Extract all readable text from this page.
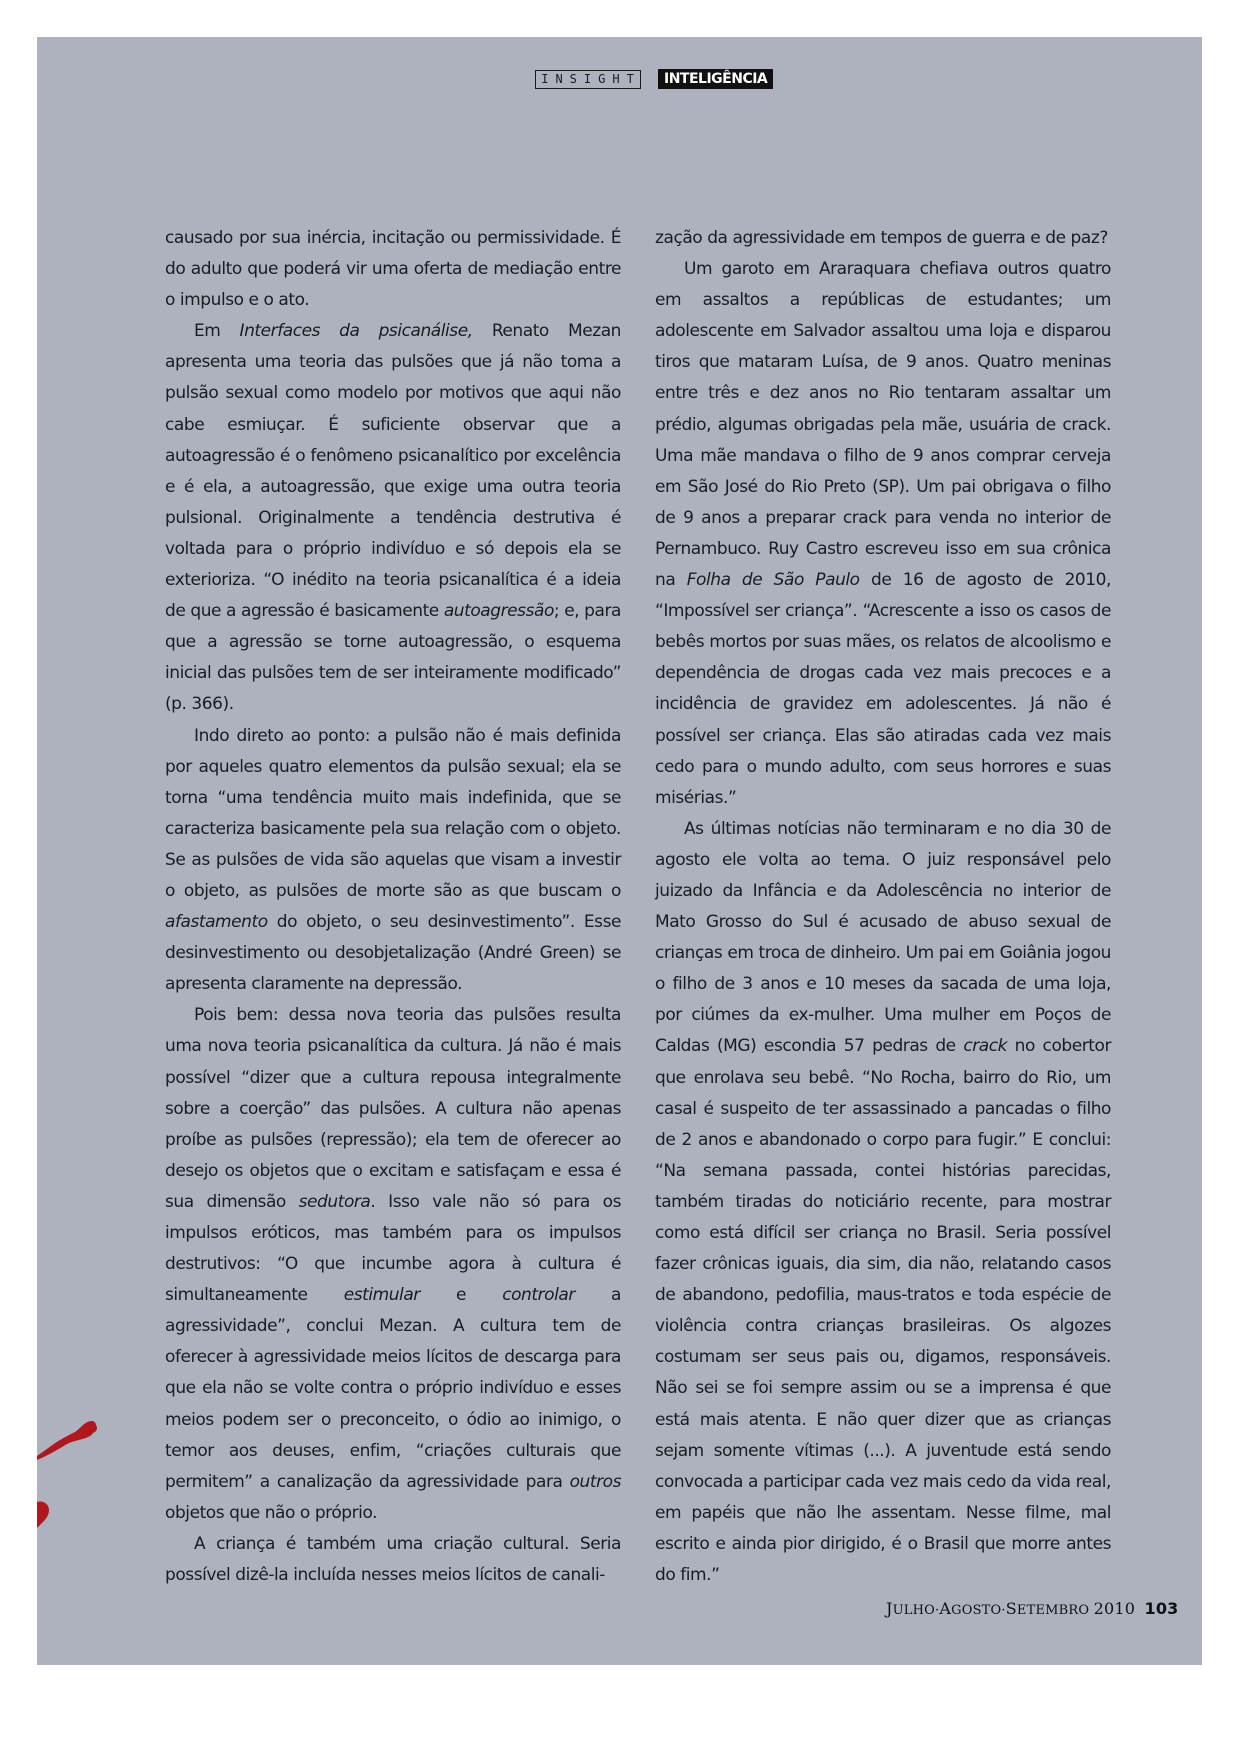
INSIGHT	INTELIGÊNCIA

causado por sua inércia, incitação ou permissividade. É do adulto que poderá vir uma oferta de mediação entre o impulso e o ato.

Em Interfaces da psicanálise, Renato Mezan apresenta uma teoria das pulsões que já não toma a pulsão sexual como modelo por motivos que aqui não cabe esmiuçar. É suficiente observar que a autoagressão é o fenômeno psicanalítico por excelência e é ela, a autoagressão, que exige uma outra teoria pulsional. Originalmente a tendência destrutiva é voltada para o próprio indivíduo e só depois ela se exterioriza. “O inédito na teoria psicanalítica é a ideia de que a agressão é basicamente autoagressão; e, para que a agressão se torne autoagressão, o esquema inicial das pulsões tem de ser inteiramente modificado” (p. 366).

Indo direto ao ponto: a pulsão não é mais definida por aqueles quatro elementos da pulsão sexual; ela se torna “uma tendência muito mais indefinida, que se caracteriza basicamente pela sua relação com o objeto. Se as pulsões de vida são aquelas que visam a investir o objeto, as pulsões de morte são as que buscam o afastamento do objeto, o seu desinvestimento”. Esse desinvestimento ou desobjetalização (André Green) se apresenta claramente na depressão.

Pois bem: dessa nova teoria das pulsões resulta uma nova teoria psicanalítica da cultura. Já não é mais possível “dizer que a cultura repousa integralmente sobre a coerção” das pulsões. A cultura não apenas proíbe as pulsões (repressão); ela tem de oferecer ao desejo os objetos que o excitam e satisfaçam e essa é sua dimensão sedutora. Isso vale não só para os impulsos eróticos, mas também para os impulsos destrutivos: “O que incumbe agora à cultura é simultaneamente estimular e controlar a agressividade”, conclui Mezan. A cultura tem de oferecer à agressividade meios lícitos de descarga para que ela não se volte contra o próprio indivíduo e esses meios podem ser o preconceito, o ódio ao inimigo, o temor aos deuses, enfim, “criações culturais que permitem” a canalização da agressividade para outros objetos que não o próprio.

A criança é também uma criação cultural. Seria possível dizê-la incluída nesses meios lícitos de canali-

zação da agressividade em tempos de guerra e de paz?

Um garoto em Araraquara chefiava outros quatro em assaltos a repúblicas de estudantes; um adolescente em Salvador assaltou uma loja e disparou tiros que mataram Luísa, de 9 anos. Quatro meninas entre três e dez anos no Rio tentaram assaltar um prédio, algumas obrigadas pela mãe, usuária de crack. Uma mãe mandava o filho de 9 anos comprar cerveja em São José do Rio Preto (SP). Um pai obrigava o filho de 9 anos a preparar crack para venda no interior de Pernambuco. Ruy Castro escreveu isso em sua crônica na Folha de São Paulo de 16 de agosto de 2010, “Impossível ser criança”. “Acrescente a isso os casos de bebês mortos por suas mães, os relatos de alcoolismo e dependência de drogas cada vez mais precoces e a incidência de gravidez em adolescentes. Já não é possível ser criança. Elas são atiradas cada vez mais cedo para o mundo adulto, com seus horrores e suas misérias.”

As últimas notícias não terminaram e no dia 30 de agosto ele volta ao tema. O juiz responsável pelo juizado da Infância e da Adolescência no interior de Mato Grosso do Sul é acusado de abuso sexual de crianças em troca de dinheiro. Um pai em Goiânia jogou o filho de 3 anos e 10 meses da sacada de uma loja, por ciúmes da ex-mulher. Uma mulher em Poços de Caldas (MG) escondia 57 pedras de crack no cobertor que enrolava seu bebê. “No Rocha, bairro do Rio, um casal é suspeito de ter assassinado a pancadas o filho de 2 anos e abandonado o corpo para fugir.” E conclui: “Na semana passada, contei histórias parecidas, também tiradas do noticiário recente, para mostrar como está difícil ser criança no Brasil. Seria possível fazer crônicas iguais, dia sim, dia não, relatando casos de abandono, pedofilia, maus-tratos e toda espécie de violência contra crianças brasileiras. Os algozes costumam ser seus pais ou, digamos, responsáveis. Não sei se foi sempre assim ou se a imprensa é que está mais atenta. E não quer dizer que as crianças sejam somente vítimas (...). A juventude está sendo convocada a participar cada vez mais cedo da vida real, em papéis que não lhe assentam. Nesse filme, mal escrito e ainda pior dirigido, é o Brasil que morre antes do fim.”

JULHO·AGOSTO·SETEMBRO 2010 103
